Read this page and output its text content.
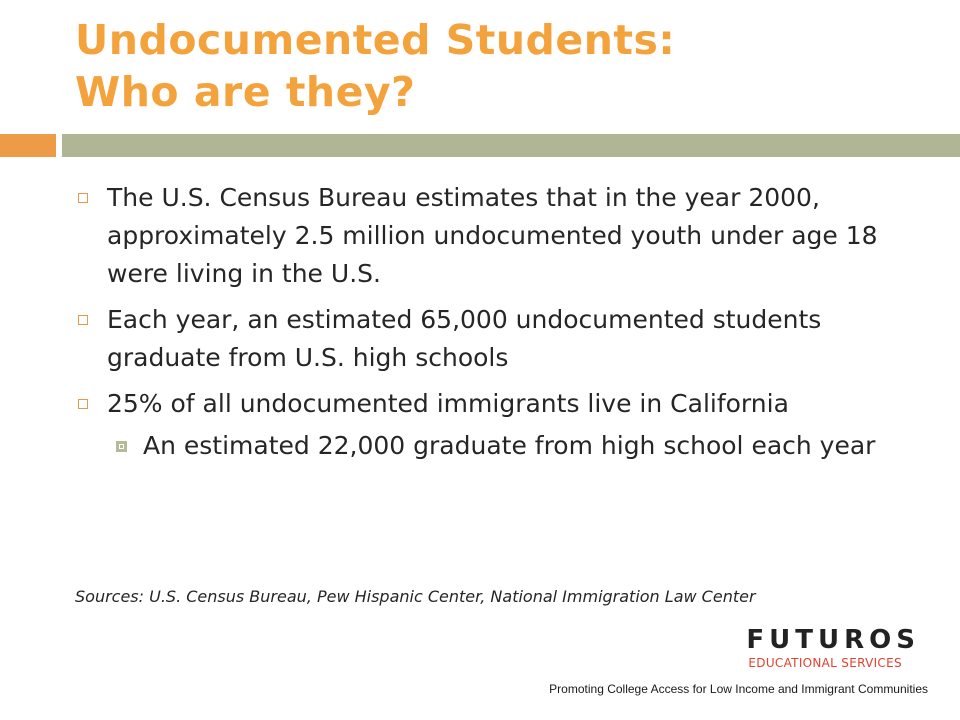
Undocumented Students:
Who are they?
The U.S. Census Bureau estimates that in the year 2000, approximately 2.5 million undocumented youth under age 18 were living in the U.S.
Each year, an estimated 65,000 undocumented students graduate from U.S. high schools
25% of all undocumented immigrants live in California
An estimated 22,000 graduate from high school each year
Sources: U.S. Census Bureau, Pew Hispanic Center, National Immigration Law Center
FUTUROS
EDUCATIONAL SERVICES
Promoting College Access for Low Income and Immigrant Communities
